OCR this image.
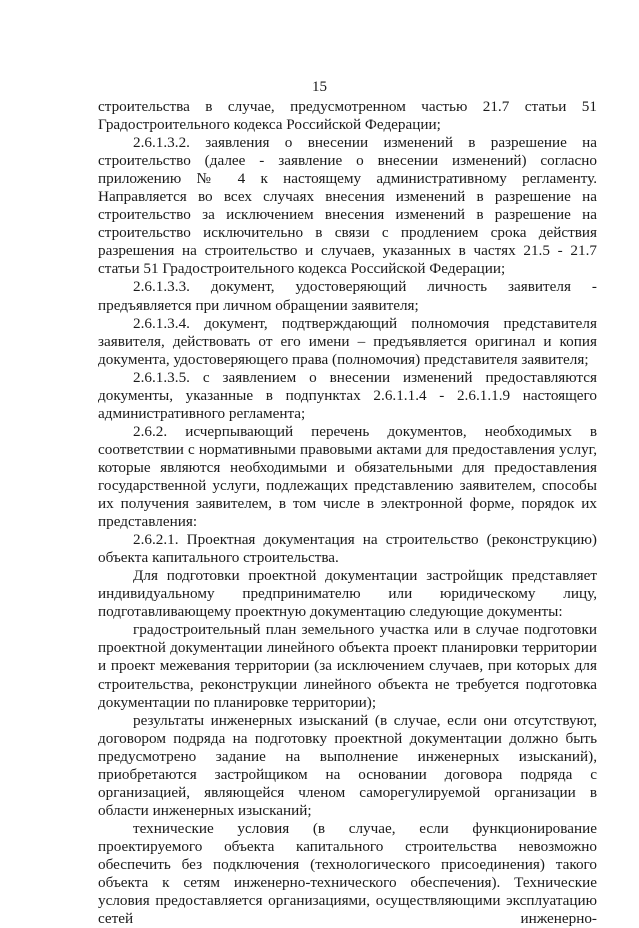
15

строительства в случае, предусмотренном частью 21.7 статьи 51 Градостроительного кодекса Российской Федерации;

2.6.1.3.2. заявления о внесении изменений в разрешение на строительство (далее - заявление о внесении изменений) согласно приложению № 4 к настоящему административному регламенту. Направляется во всех случаях внесения изменений в разрешение на строительство за исключением внесения изменений в разрешение на строительство исключительно в связи с продлением срока действия разрешения на строительство и случаев, указанных в частях 21.5 - 21.7 статьи 51 Градостроительного кодекса Российской Федерации;

2.6.1.3.3. документ, удостоверяющий личность заявителя - предъявляется при личном обращении заявителя;

2.6.1.3.4. документ, подтверждающий полномочия представителя заявителя, действовать от его имени – предъявляется оригинал и копия документа, удостоверяющего права (полномочия) представителя заявителя;

2.6.1.3.5. с заявлением о внесении изменений предоставляются документы, указанные в подпунктах 2.6.1.1.4 - 2.6.1.1.9 настоящего административного регламента;

2.6.2. исчерпывающий перечень документов, необходимых в соответствии с нормативными правовыми актами для предоставления услуг, которые являются необходимыми и обязательными для предоставления государственной услуги, подлежащих представлению заявителем, способы их получения заявителем, в том числе в электронной форме, порядок их представления:

2.6.2.1. Проектная документация на строительство (реконструкцию) объекта капитального строительства.

Для подготовки проектной документации застройщик представляет индивидуальному предпринимателю или юридическому лицу, подготавливающему проектную документацию следующие документы:

градостроительный план земельного участка или в случае подготовки проектной документации линейного объекта проект планировки территории и проект межевания территории (за исключением случаев, при которых для строительства, реконструкции линейного объекта не требуется подготовка документации по планировке территории);

результаты инженерных изысканий (в случае, если они отсутствуют, договором подряда на подготовку проектной документации должно быть предусмотрено задание на выполнение инженерных изысканий), приобретаются застройщиком на основании договора подряда с организацией, являющейся членом саморегулируемой организации в области инженерных изысканий;

технические условия (в случае, если функционирование проектируемого объекта капитального строительства невозможно обеспечить без подключения (технологического присоединения) такого объекта к сетям инженерно-технического обеспечения). Технические условия предоставляется организациями, осуществляющими эксплуатацию сетей инженерно-
